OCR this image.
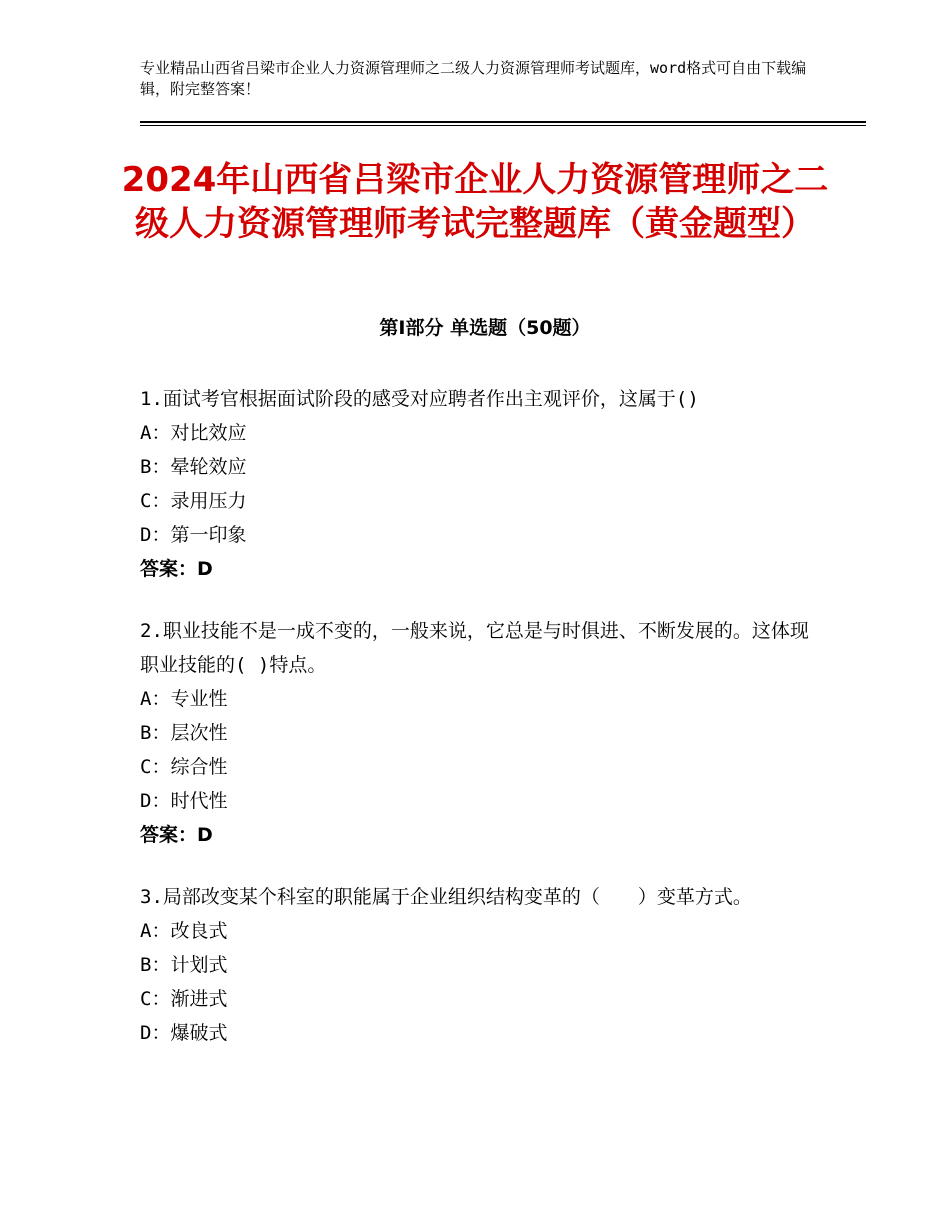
专业精品山西省吕梁市企业人力资源管理师之二级人力资源管理师考试题库，word格式可自由下载编辑，附完整答案！
2024年山西省吕梁市企业人力资源管理师之二级人力资源管理师考试完整题库（黄金题型）
第Ⅰ部分 单选题（50题）

1.面试考官根据面试阶段的感受对应聘者作出主观评价，这属于()

A：对比效应

B：晕轮效应

C：录用压力

D：第一印象

答案：D

2.职业技能不是一成不变的，一般来说，它总是与时俱进、不断发展的。这体现职业技能的( )特点。

A：专业性

B：层次性

C：综合性

D：时代性

答案：D

3.局部改变某个科室的职能属于企业组织结构变革的（　　）变革方式。

A：改良式

B：计划式

C：渐进式

D：爆破式
